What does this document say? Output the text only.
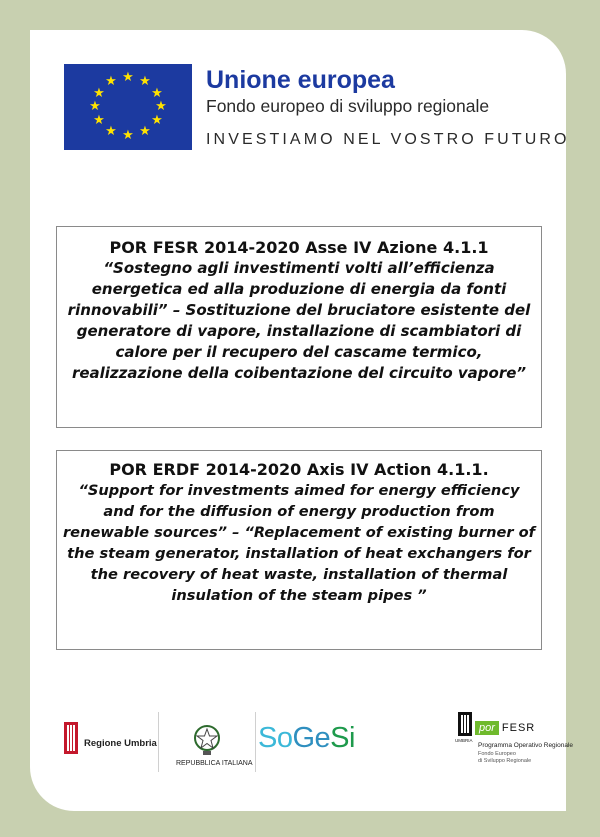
★ ★
★
★
★
★
★
★
★
★
★
★	Unione europea
Fondo europeo di sviluppo regionale
INVESTIAMO NEL VOSTRO FUTURO
POR FESR 2014-2020 Asse IV Azione 4.1.1

“Sostegno agli investimenti volti all’efficienza energetica ed alla produzione di energia da fonti rinnovabili” – Sostituzione del bruciatore esistente del generatore di vapore, installazione di scambiatori di calore per il recupero del cascame termico, realizzazione della coibentazione del circuito vapore”

POR ERDF 2014-2020 Axis IV Action 4.1.1.

“Support for investments aimed for energy efficiency and for the diffusion of energy production from renewable sources” – “Replacement of existing burner of the steam generator, installation of heat exchangers for the recovery of heat waste, installation of thermal insulation of the steam pipes ”

Regione Umbria
REPUBBLICA ITALIANA
SoGeSi	UMBRIA
por FESR
Programma Operativo Regionale
Fondo Europeo
di Sviluppo Regionale
